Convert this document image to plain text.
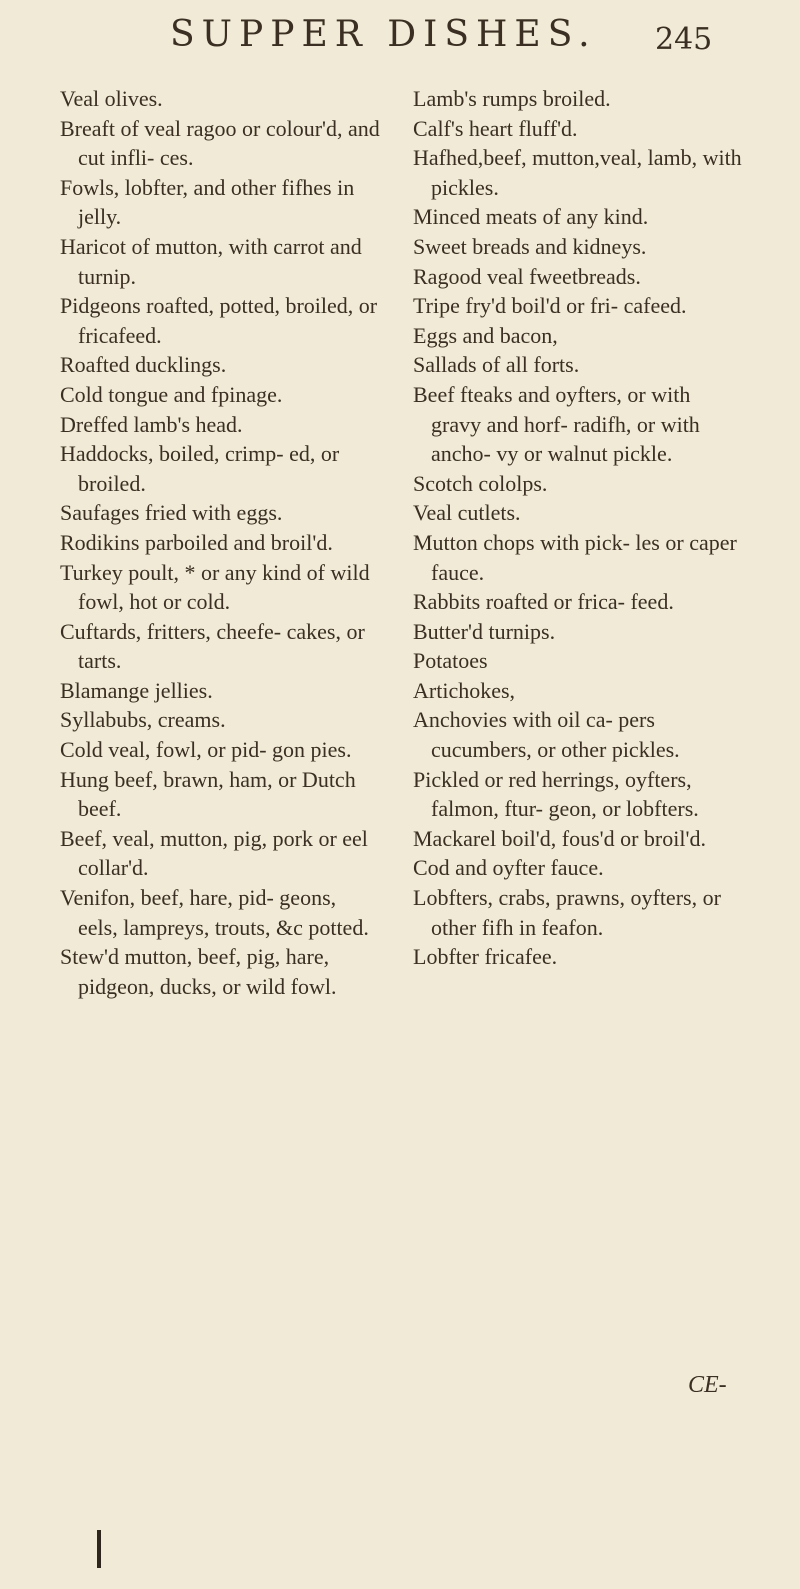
SUPPER DISHES. 245

Veal olives.

Breaft of veal ragoo or colour'd, and cut infli- ces.

Fowls, lobfter, and other fifhes in jelly.

Haricot of mutton, with carrot and turnip.

Pidgeons roafted, potted, broiled, or fricafeed.

Roafted ducklings.

Cold tongue and fpinage.

Dreffed lamb's head.

Haddocks, boiled, crimp- ed, or broiled.

Saufages fried with eggs.

Rodikins parboiled and broil'd.

Turkey poult, * or any kind of wild fowl, hot or cold.

Cuftards, fritters, cheefe- cakes, or tarts.

Blamange jellies.

Syllabubs, creams.

Cold veal, fowl, or pid- gon pies.

Hung beef, brawn, ham, or Dutch beef.

Beef, veal, mutton, pig, pork or eel collar'd.

Venifon, beef, hare, pid- geons, eels, lampreys, trouts, &c potted.

Stew'd mutton, beef, pig, hare, pidgeon, ducks, or wild fowl.

Lamb's rumps broiled.

Calf's heart fluff'd.

Hafhed,beef, mutton,veal, lamb, with pickles.

Minced meats of any kind.

Sweet breads and kidneys.

Ragood veal fweetbreads.

Tripe fry'd boil'd or fri- cafeed.

Eggs and bacon,

Sallads of all forts.

Beef fteaks and oyfters, or with gravy and horf- radifh, or with ancho- vy or walnut pickle.

Scotch cololps.

Veal cutlets.

Mutton chops with pick- les or caper fauce.

Rabbits roafted or frica- feed.

Butter'd turnips.

Potatoes

Artichokes,

Anchovies with oil ca- pers cucumbers, or other pickles.

Pickled or red herrings, oyfters, falmon, ftur- geon, or lobfters.

Mackarel boil'd, fous'd or broil'd.

Cod and oyfter fauce.

Lobfters, crabs, prawns, oyfters, or other fifh in feafon.

Lobfter fricafee.

CE-
